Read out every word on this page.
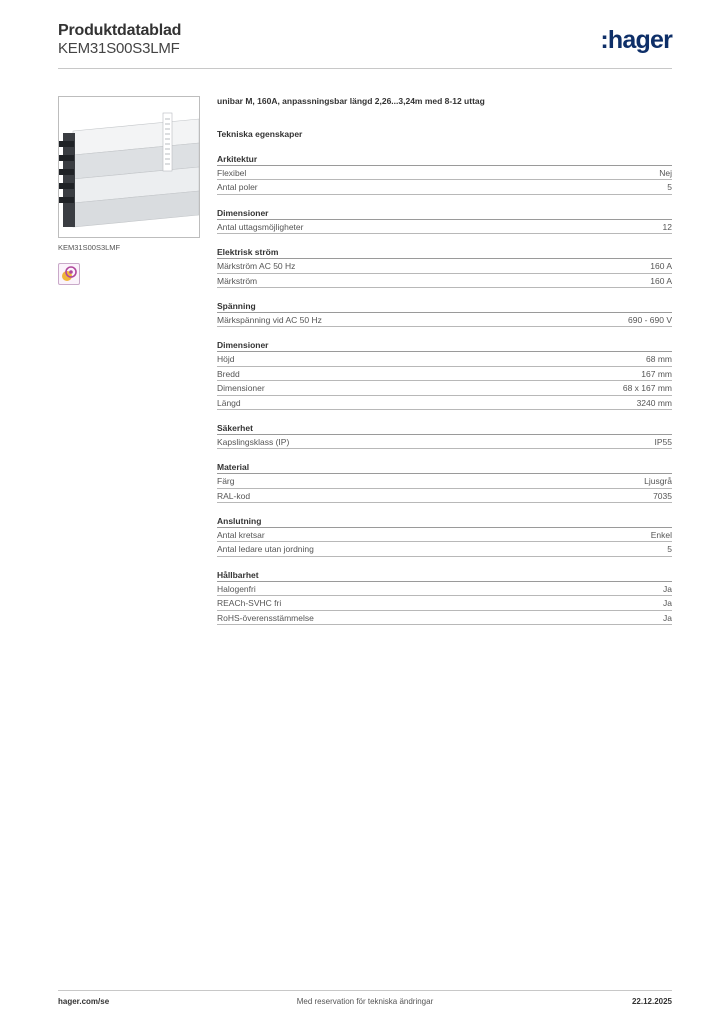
Produktdatablad
KEM31S00S3LMF	:hager
KEM31S00S3LMF
unibar M, 160A, anpassningsbar längd 2,26...3,24m med 8-12 uttag
Tekniska egenskaper
Arkitektur
Flexibel	Nej
Antal poler	5
Dimensioner
Antal uttagsmöjligheter	12
Elektrisk ström
Märkström AC 50 Hz	160 A
Märkström	160 A
Spänning
Märkspänning vid AC 50 Hz	690 - 690 V
Dimensioner
Höjd	68 mm
Bredd	167 mm
Dimensioner	68 x 167 mm
Längd	3240 mm
Säkerhet
Kapslingsklass (IP)	IP55
Material
Färg	Ljusgrå
RAL-kod	7035
Anslutning
Antal kretsar	Enkel
Antal ledare utan jordning	5
Hållbarhet
Halogenfri	Ja
REACh-SVHC fri	Ja
RoHS-överensstämmelse	Ja
hager.com/se	Med reservation för tekniska ändringar	22.12.2025
